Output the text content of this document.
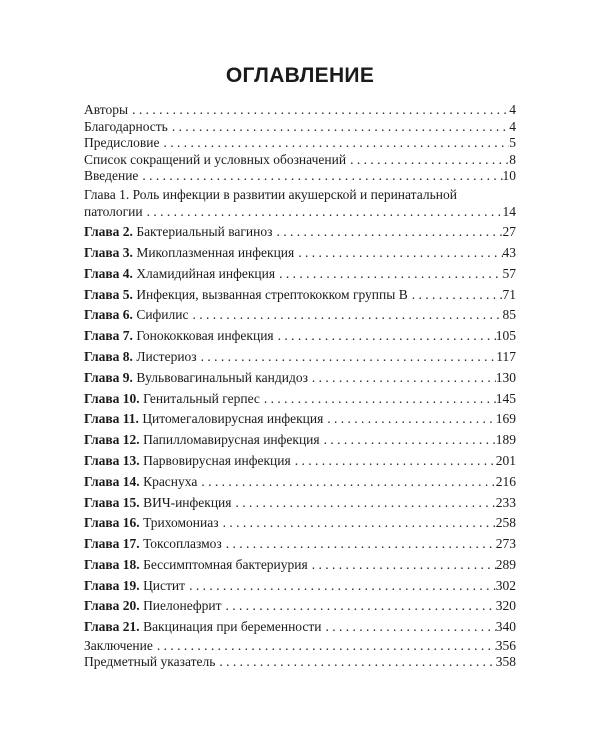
ОГЛАВЛЕНИЕ
Авторы . . .	4
Благодарность . . .	4
Предисловие . . .	5
Список сокращений и условных обозначений . . .	8
Введение . . .	10
Глава 1. Роль инфекции в развитии акушерской и перинатальной
патологии . . .	14
Глава 2. Бактериальный вагиноз . . .	27
Глава 3. Микоплазменная инфекция . . .	43
Глава 4. Хламидийная инфекция . . .	57
Глава 5. Инфекция, вызванная стрептококком группы В . . .	71
Глава 6. Сифилис . . .	85
Глава 7. Гонококковая инфекция . . .	105
Глава 8. Листериоз . . .	117
Глава 9. Вульвовагинальный кандидоз . . .	130
Глава 10. Генитальный герпес . . .	145
Глава 11. Цитомегаловирусная инфекция . . .	169
Глава 12. Папилломавирусная инфекция . . .	189
Глава 13. Парвовирусная инфекция . . .	201
Глава 14. Краснуха . . .	216
Глава 15. ВИЧ-инфекция . . .	233
Глава 16. Трихомониаз . . .	258
Глава 17. Токсоплазмоз . . .	273
Глава 18. Бессимптомная бактериурия . . .	289
Глава 19. Цистит . . .	302
Глава 20. Пиелонефрит . . .	320
Глава 21. Вакцинация при беременности . . .	340
Заключение . . .	356
Предметный указатель . . .	358
